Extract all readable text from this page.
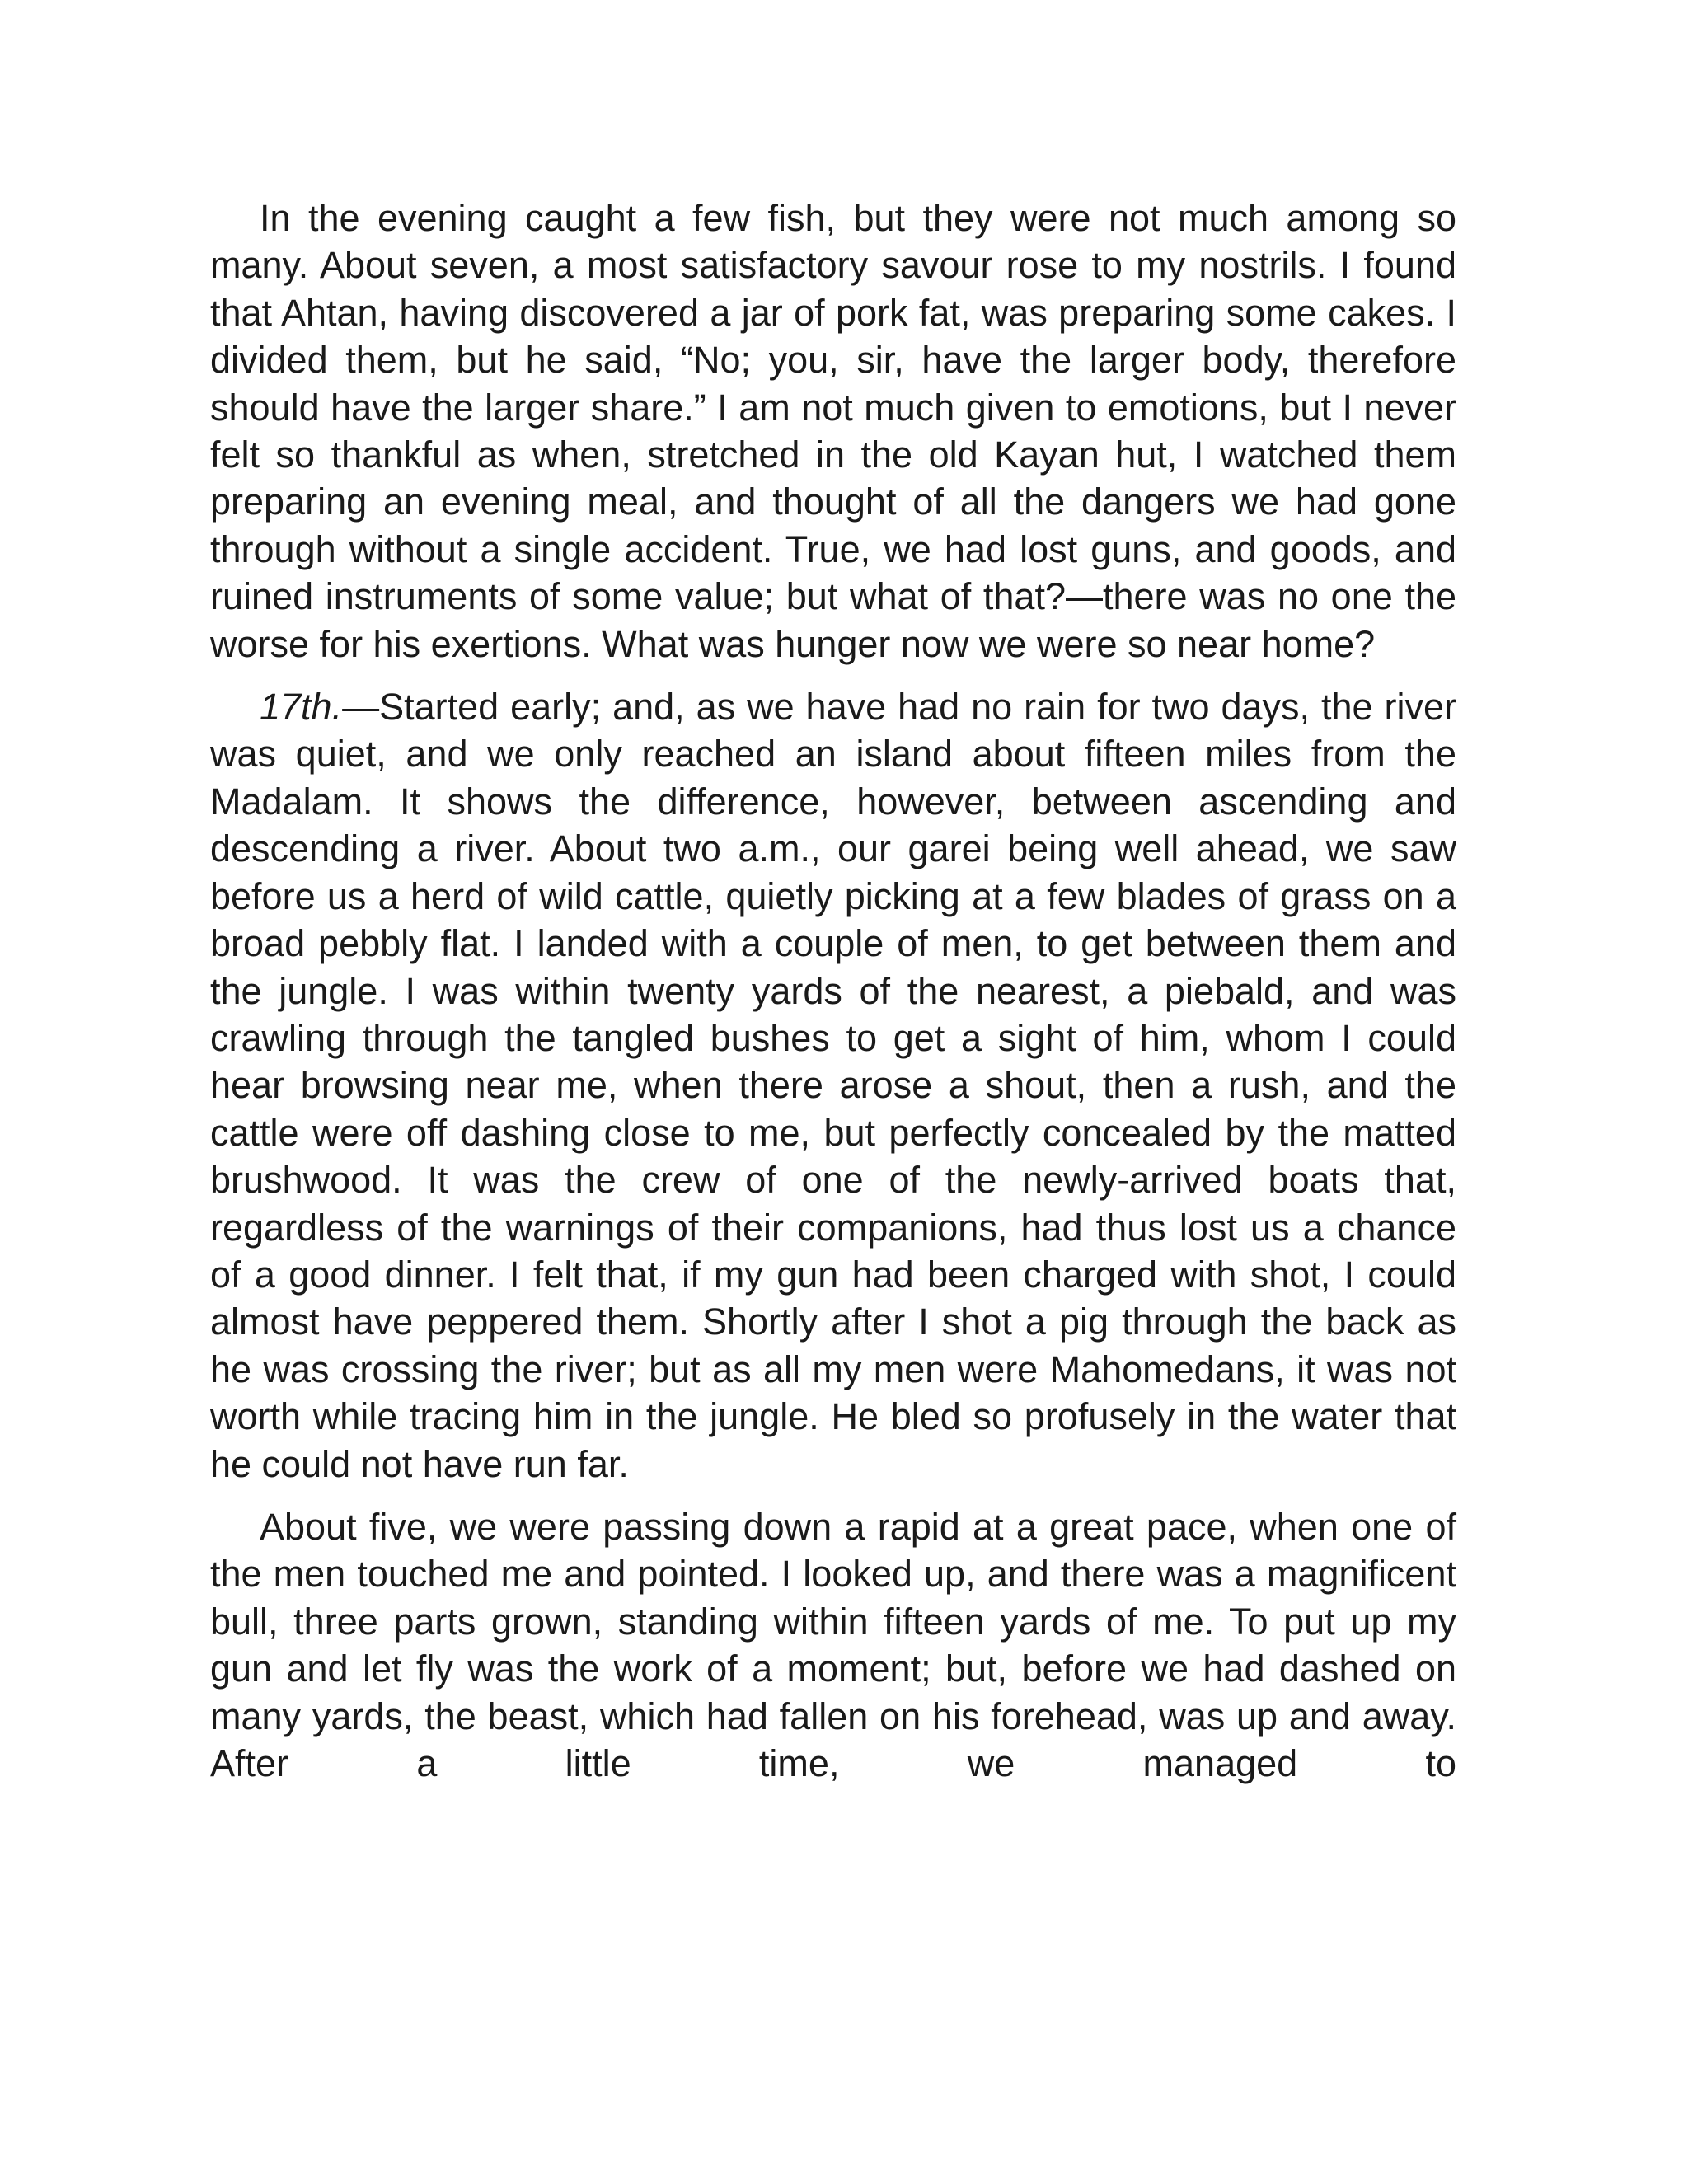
In the evening caught a few fish, but they were not much among so many. About seven, a most satisfactory savour rose to my nostrils. I found that Ahtan, having discovered a jar of pork fat, was preparing some cakes. I divided them, but he said, “No; you, sir, have the larger body, therefore should have the larger share.” I am not much given to emotions, but I never felt so thankful as when, stretched in the old Kayan hut, I watched them preparing an evening meal, and thought of all the dangers we had gone through without a single accident. True, we had lost guns, and goods, and ruined instruments of some value; but what of that?—there was no one the worse for his exertions. What was hunger now we were so near home?

17th.—Started early; and, as we have had no rain for two days, the river was quiet, and we only reached an island about fifteen miles from the Madalam. It shows the difference, however, between ascending and descending a river. About two a.m., our garei being well ahead, we saw before us a herd of wild cattle, quietly picking at a few blades of grass on a broad pebbly flat. I landed with a couple of men, to get between them and the jungle. I was within twenty yards of the nearest, a piebald, and was crawling through the tangled bushes to get a sight of him, whom I could hear browsing near me, when there arose a shout, then a rush, and the cattle were off dashing close to me, but perfectly concealed by the matted brushwood. It was the crew of one of the newly-arrived boats that, regardless of the warnings of their companions, had thus lost us a chance of a good dinner. I felt that, if my gun had been charged with shot, I could almost have peppered them. Shortly after I shot a pig through the back as he was crossing the river; but as all my men were Mahomedans, it was not worth while tracing him in the jungle. He bled so profusely in the water that he could not have run far.

About five, we were passing down a rapid at a great pace, when one of the men touched me and pointed. I looked up, and there was a magnificent bull, three parts grown, standing within fifteen yards of me. To put up my gun and let fly was the work of a moment; but, before we had dashed on many yards, the beast, which had fallen on his forehead, was up and away. After a little time, we managed to
